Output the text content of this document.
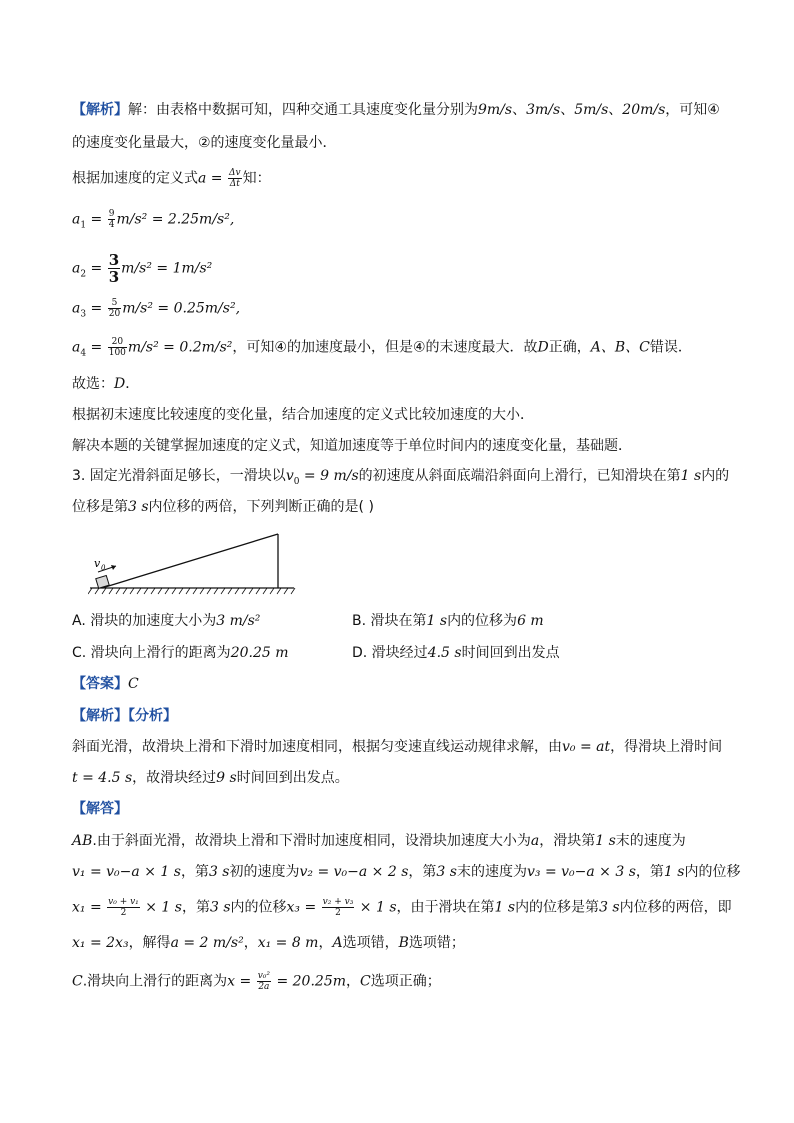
【解析】解：由表格中数据可知，四种交通工具速度变化量分别为9m/s、3m/s、5m/s、20m/s，可知④
的速度变化量最大，②的速度变化量最小．
根据加速度的定义式$a = \frac{\Delta v}{\Delta t}$ 知：
$a_1 = \frac{9}{4} m/s^2 = 2.25m/s^2$,
$a_2 = \frac{3}{3} m/s^2 = 1m/s^2$
$a_3 = \frac{5}{20} m/s^2 = 0.25m/s^2$,
$a_4 = \frac{20}{100} m/s^2 = 0.2m/s^2$，可知④的加速度最小，但是④的末速度最大．故D正确，A、B、C错误．
故选：D．
根据初末速度比较速度的变化量，结合加速度的定义式比较加速度的大小．
解决本题的关键掌握加速度的定义式，知道加速度等于单位时间内的速度变化量，基础题．
3. 固定光滑斜面足够长，一滑块以$v_0 = 9$ m/s的初速度从斜面底端沿斜面向上滑行，已知滑块在第1 s内的
位移是第3 s内位移的两倍，下列判断正确的是( )
v 0
A. 滑块的加速度大小为3 m/s²	B. 滑块在第1 s内的位移为6 m
C. 滑块向上滑行的距离为20.25 m	D. 滑块经过4.5 s时间回到出发点
【答案】C
【解析】【分析】
斜面光滑，故滑块上滑和下滑时加速度相同，根据匀变速直线运动规律求解，由v₀ = at，得滑块上滑时间
t = 4.5 s，故滑块经过9 s时间回到出发点。
【解答】
AB.由于斜面光滑，故滑块上滑和下滑时加速度相同，设滑块加速度大小为a，滑块第1 s末的速度为
v₁ = v₀−a × 1 s，第3 s初的速度为v₂ = v₀−a × 2 s，第3 s末的速度为v₃ = v₀−a × 3 s，第1 s内的位移
$x_1 = \frac{\text{v₀ + v₁}}{2} \times 1$ s，第3 s内的位移$x_3 = \frac{\text{v₂ + v₃}}{2} \times 1$ s，由于滑块在第1 s内的位移是第3 s内位移的两倍，即
x₁ = 2x₃，解得a = 2 m/s²，x₁ = 8 m，A选项错，B选项错；
C.滑块向上滑行的距离为$x = \frac{\text{v₀²}}{2a} = 20.25m$，C选项正确；
